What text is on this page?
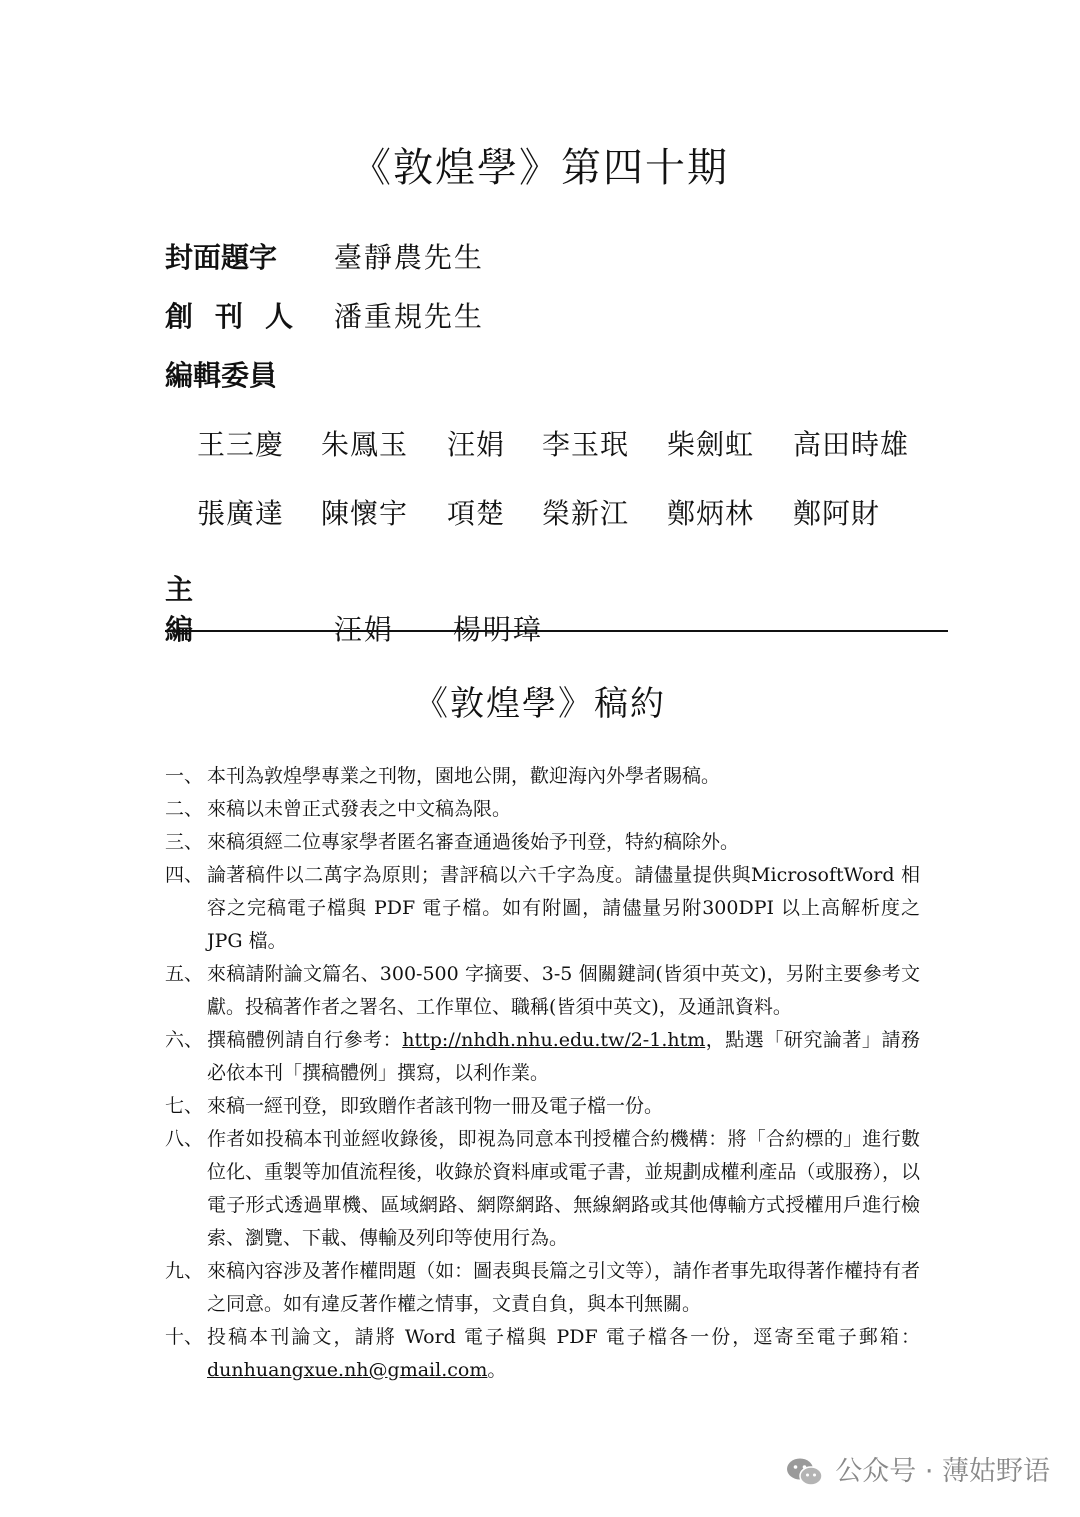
《敦煌學》第四十期
封面題字 臺靜農先生
創刊人 潘重規先生
編輯委員
王三慶 朱鳳玉 汪娟 李玉珉 柴劍虹 高田時雄
張廣達 陳懷宇 項楚 榮新江 鄭炳林 鄭阿財
主編	汪娟 楊明璋
《敦煌學》稿約
一、 本刊為敦煌學專業之刊物，園地公開，歡迎海內外學者賜稿。
二、 來稿以未曾正式發表之中文稿為限。
三、 來稿須經二位專家學者匿名審查通過後始予刊登，特約稿除外。
四、 論著稿件以二萬字為原則；書評稿以六千字為度。請儘量提供與MicrosoftWord 相容之完稿電子檔與 PDF 電子檔。如有附圖，請儘量另附300DPI 以上高解析度之 JPG 檔。
五、 來稿請附論文篇名、300-500 字摘要、3-5 個關鍵詞(皆須中英文)，另附主要參考文獻。投稿著作者之署名、工作單位、職稱(皆須中英文)，及通訊資料。
六、 撰稿體例請自行參考：http://nhdh.nhu.edu.tw/2-1.htm，點選「研究論著」請務必依本刊「撰稿體例」撰寫，以利作業。
七、 來稿一經刊登，即致贈作者該刊物一冊及電子檔一份。
八、 作者如投稿本刊並經收錄後，即視為同意本刊授權合約機構：將「合約標的」進行數位化、重製等加值流程後，收錄於資料庫或電子書，並規劃成權利產品（或服務），以電子形式透過單機、區域網路、網際網路、無線網路或其他傳輸方式授權用戶進行檢索、瀏覽、下載、傳輸及列印等使用行為。
九、 來稿內容涉及著作權問題（如：圖表與長篇之引文等），請作者事先取得著作權持有者之同意。如有違反著作權之情事，文責自負，與本刊無關。
十、 投稿本刊論文，請將 Word 電子檔與 PDF 電子檔各一份，逕寄至電子郵箱：dunhuangxue.nh@gmail.com。
公众号 · 薄姑野语
